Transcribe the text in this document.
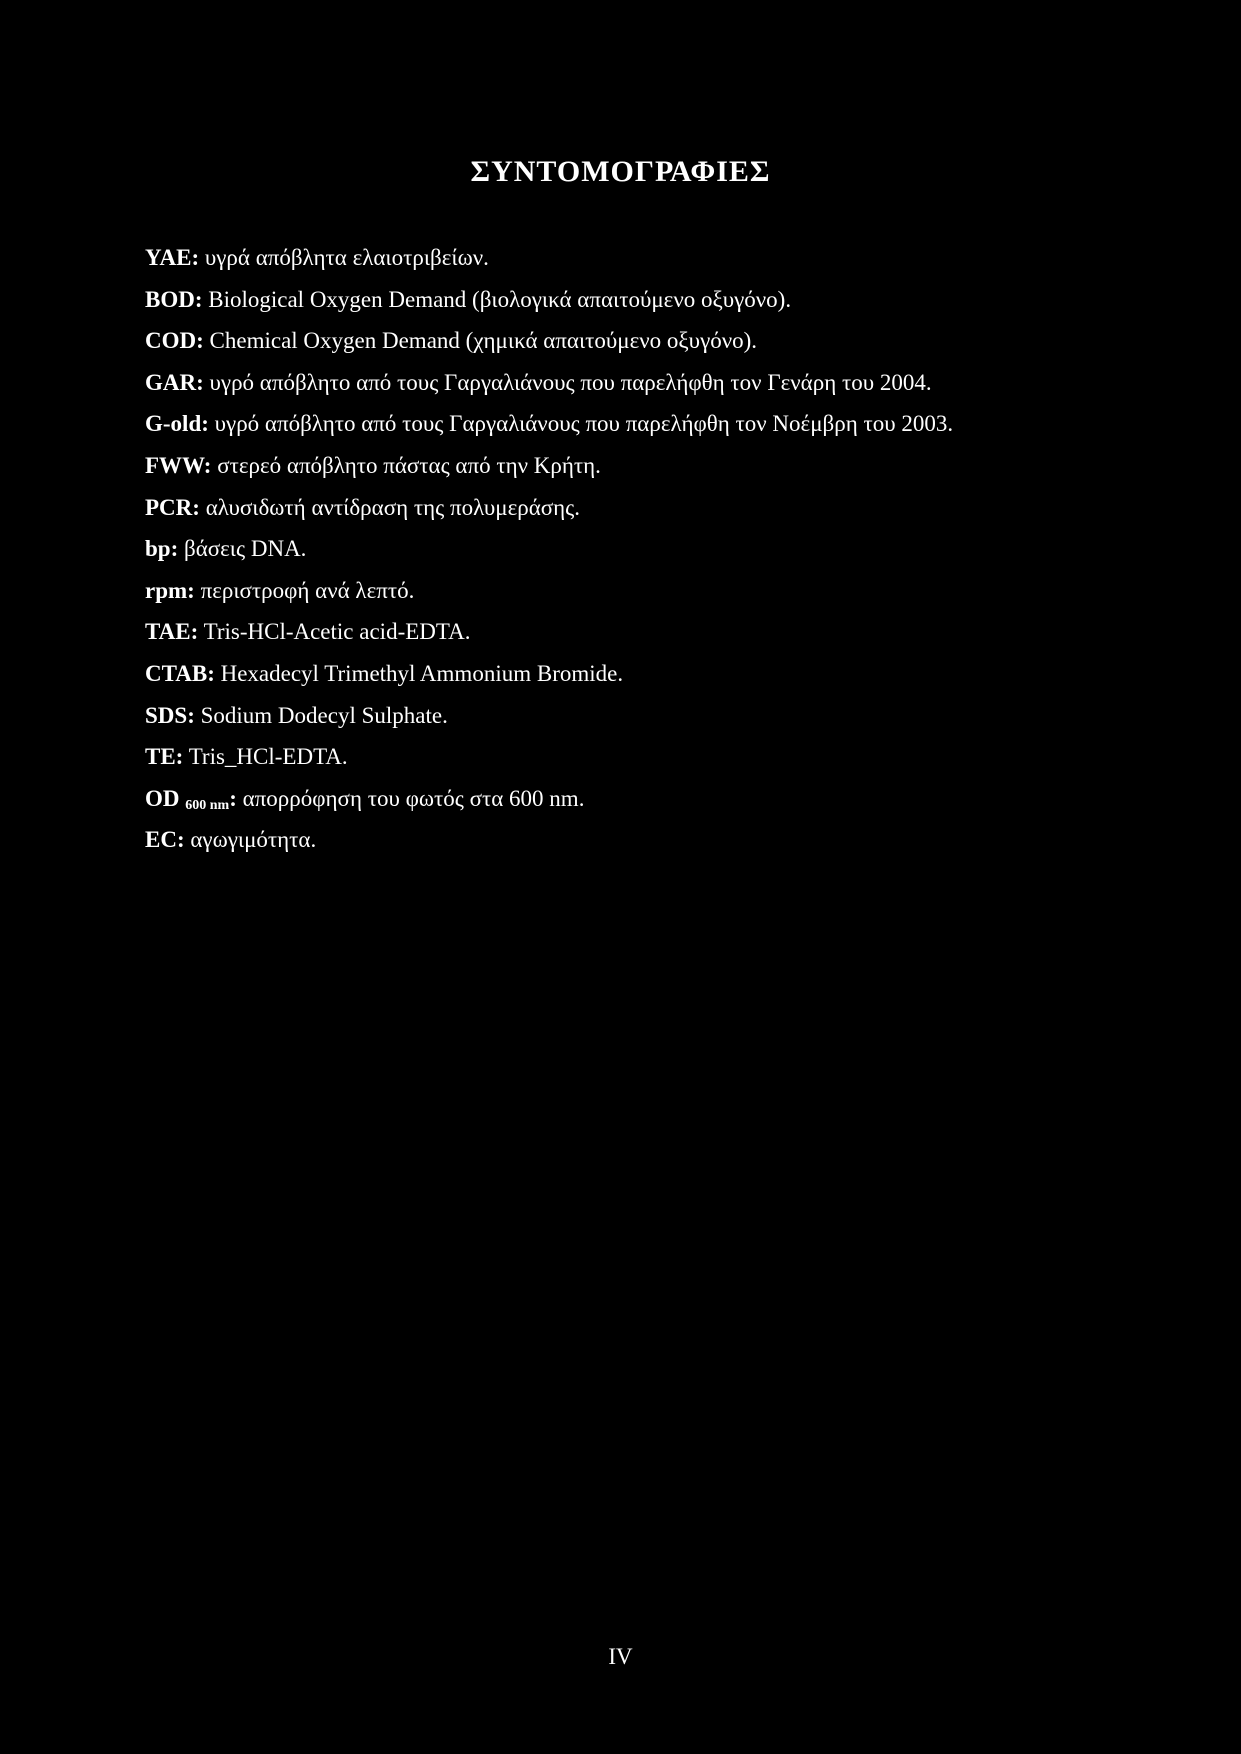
ΣΥΝΤΟΜΟΓΡΑΦΙΕΣ
YAE: υγρά απόβλητα ελαιοτριβείων.
BOD: Biological Oxygen Demand (βιολογικά απαιτούμενο οξυγόνο).
COD: Chemical Oxygen Demand (χημικά απαιτούμενο οξυγόνο).
GAR: υγρό απόβλητο από τους Γαργαλιάνους που παρελήφθη τον Γενάρη του 2004.
G-old: υγρό απόβλητο από τους Γαργαλιάνους που παρελήφθη τον Νοέμβρη του 2003.
FWW: στερεό απόβλητο πάστας από την Κρήτη.
PCR: αλυσιδωτή αντίδραση της πολυμεράσης.
bp: βάσεις DNA.
rpm: περιστροφή ανά λεπτό.
TAE: Tris-HCl-Acetic acid-EDTA.
CTAB: Hexadecyl Trimethyl Ammonium Bromide.
SDS: Sodium Dodecyl Sulphate.
TE: Tris_HCl-EDTA.
OD 600 nm: απορρόφηση του φωτός στα 600 nm.
EC: αγωγιμότητα.
IV
